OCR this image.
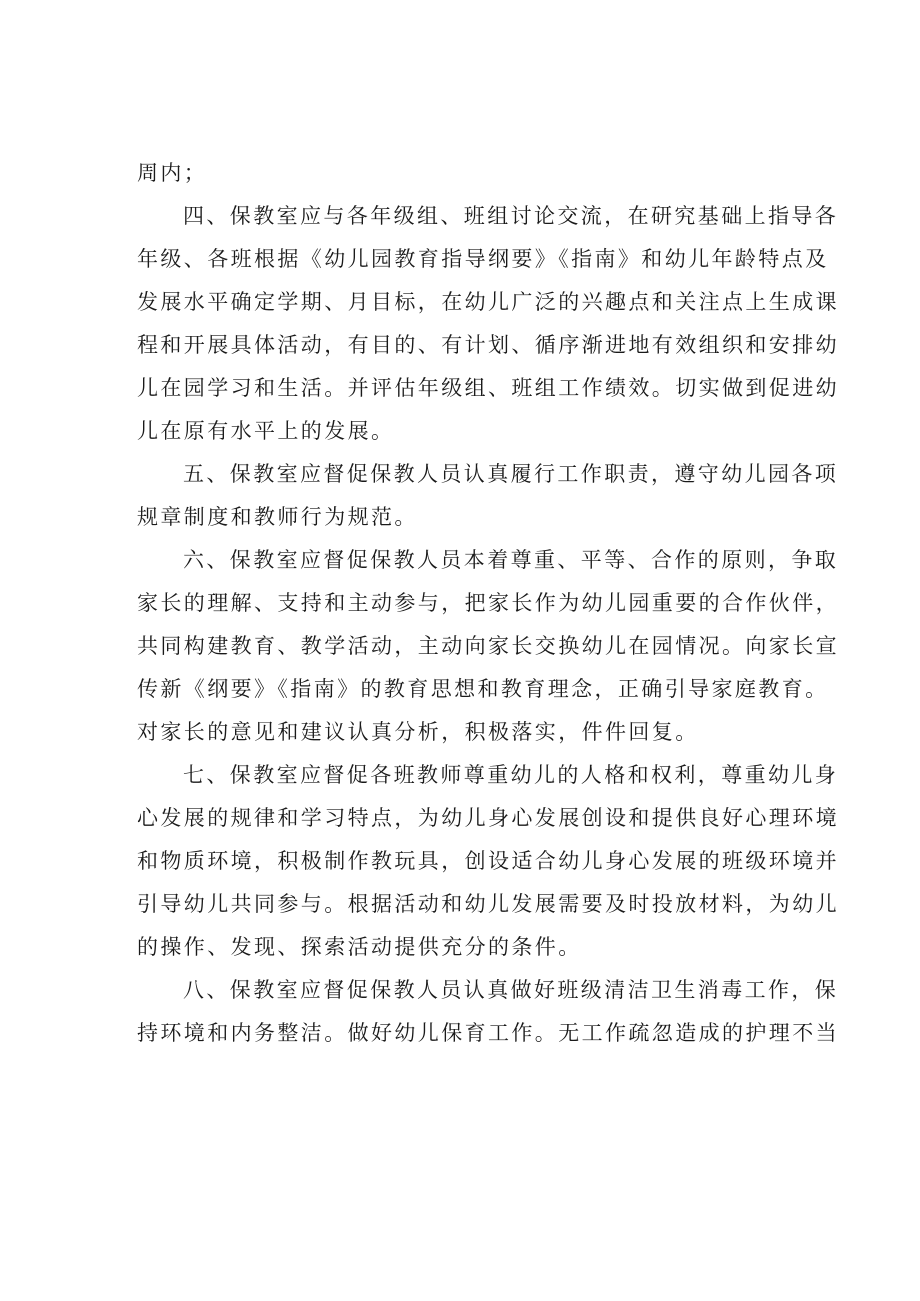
周内；
四、保教室应与各年级组、班组讨论交流，在研究基础上指导各
年级、各班根据《幼儿园教育指导纲要》《指南》和幼儿年龄特点及
发展水平确定学期、月目标，在幼儿广泛的兴趣点和关注点上生成课
程和开展具体活动，有目的、有计划、循序渐进地有效组织和安排幼
儿在园学习和生活。并评估年级组、班组工作绩效。切实做到促进幼
儿在原有水平上的发展。
五、保教室应督促保教人员认真履行工作职责，遵守幼儿园各项
规章制度和教师行为规范。
六、保教室应督促保教人员本着尊重、平等、合作的原则，争取
家长的理解、支持和主动参与，把家长作为幼儿园重要的合作伙伴，
共同构建教育、教学活动，主动向家长交换幼儿在园情况。向家长宣
传新《纲要》《指南》的教育思想和教育理念，正确引导家庭教育。
对家长的意见和建议认真分析，积极落实，件件回复。
七、保教室应督促各班教师尊重幼儿的人格和权利，尊重幼儿身
心发展的规律和学习特点，为幼儿身心发展创设和提供良好心理环境
和物质环境，积极制作教玩具，创设适合幼儿身心发展的班级环境并
引导幼儿共同参与。根据活动和幼儿发展需要及时投放材料，为幼儿
的操作、发现、探索活动提供充分的条件。
八、保教室应督促保教人员认真做好班级清洁卫生消毒工作，保
持环境和内务整洁。做好幼儿保育工作。无工作疏忽造成的护理不当
